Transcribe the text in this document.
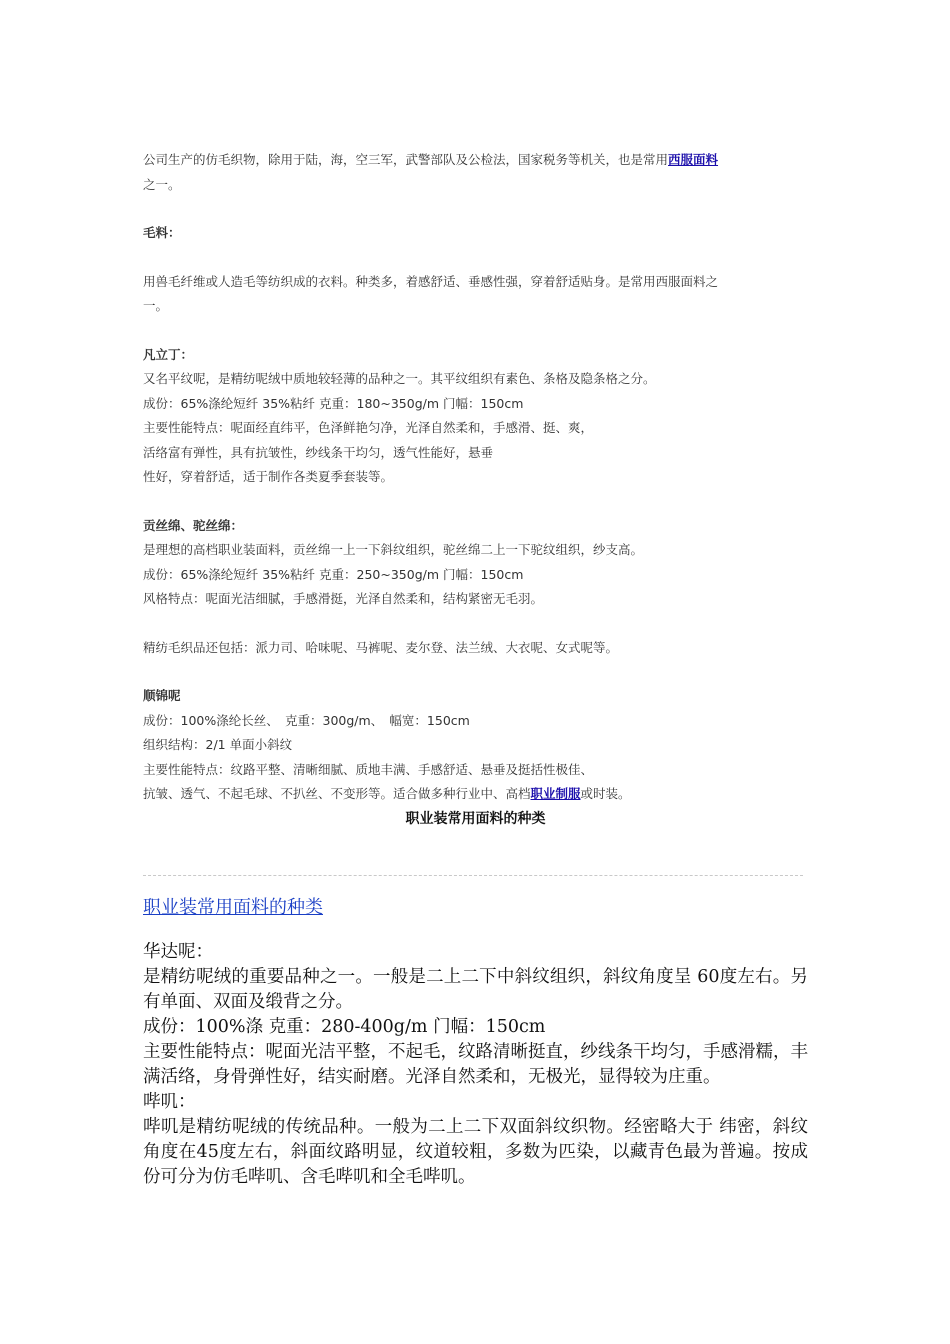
公司生产的仿毛织物，除用于陆，海，空三军，武警部队及公检法，国家税务等机关，也是常用西服面料

之一。

毛料：

用兽毛纤维或人造毛等纺织成的衣料。种类多，着感舒适、垂感性强，穿着舒适贴身。是常用西服面料之

一。

凡立丁：

又名平纹呢，是精纺呢绒中质地较轻薄的品种之一。其平纹组织有素色、条格及隐条格之分。

成份：65%涤纶短纤 35%粘纤 克重：180~350g/m 门幅：150cm

主要性能特点：呢面经直纬平，色泽鲜艳匀净，光泽自然柔和，手感滑、挺、爽，

活络富有弹性，具有抗皱性，纱线条干均匀，透气性能好，悬垂

性好，穿着舒适，适于制作各类夏季套装等。

贡丝绵、驼丝绵：

是理想的高档职业装面料，贡丝绵一上一下斜纹组织，驼丝绵二上一下驼纹组织，纱支高。

成份：65%涤纶短纤 35%粘纤 克重：250~350g/m 门幅：150cm

风格特点：呢面光洁细腻，手感滑挺，光泽自然柔和，结构紧密无毛羽。

精纺毛织品还包括：派力司、哈味呢、马裤呢、麦尔登、法兰绒、大衣呢、女式呢等。

顺锦呢

成份：100%涤纶长丝、　克重：300g/m、　幅宽：150cm

组织结构：2/1 单面小斜纹

主要性能特点：纹路平整、清晰细腻、质地丰满、手感舒适、悬垂及挺括性极佳、

抗皱、透气、不起毛球、不扒丝、不变形等。适合做多种行业中、高档职业制服或时装。

职业装常用面料的种类
职业装常用面料的种类

华达呢：

是精纺呢绒的重要品种之一。一般是二上二下中斜纹组织，斜纹角度呈 60度左右。另有单面、双面及缎背之分。

成份：100%涤 克重：280-400g/m 门幅：150cm

主要性能特点：呢面光洁平整，不起毛，纹路清晰挺直，纱线条干均匀，手感滑糯，丰满活络，身骨弹性好，结实耐磨。光泽自然柔和，无极光，显得较为庄重。

哔叽：

哔叽是精纺呢绒的传统品种。一般为二上二下双面斜纹织物。经密略大于 纬密，斜纹角度在45度左右，斜面纹路明显，纹道较粗，多数为匹染，以藏青色最为普遍。按成份可分为仿毛哔叽、含毛哔叽和全毛哔叽。
